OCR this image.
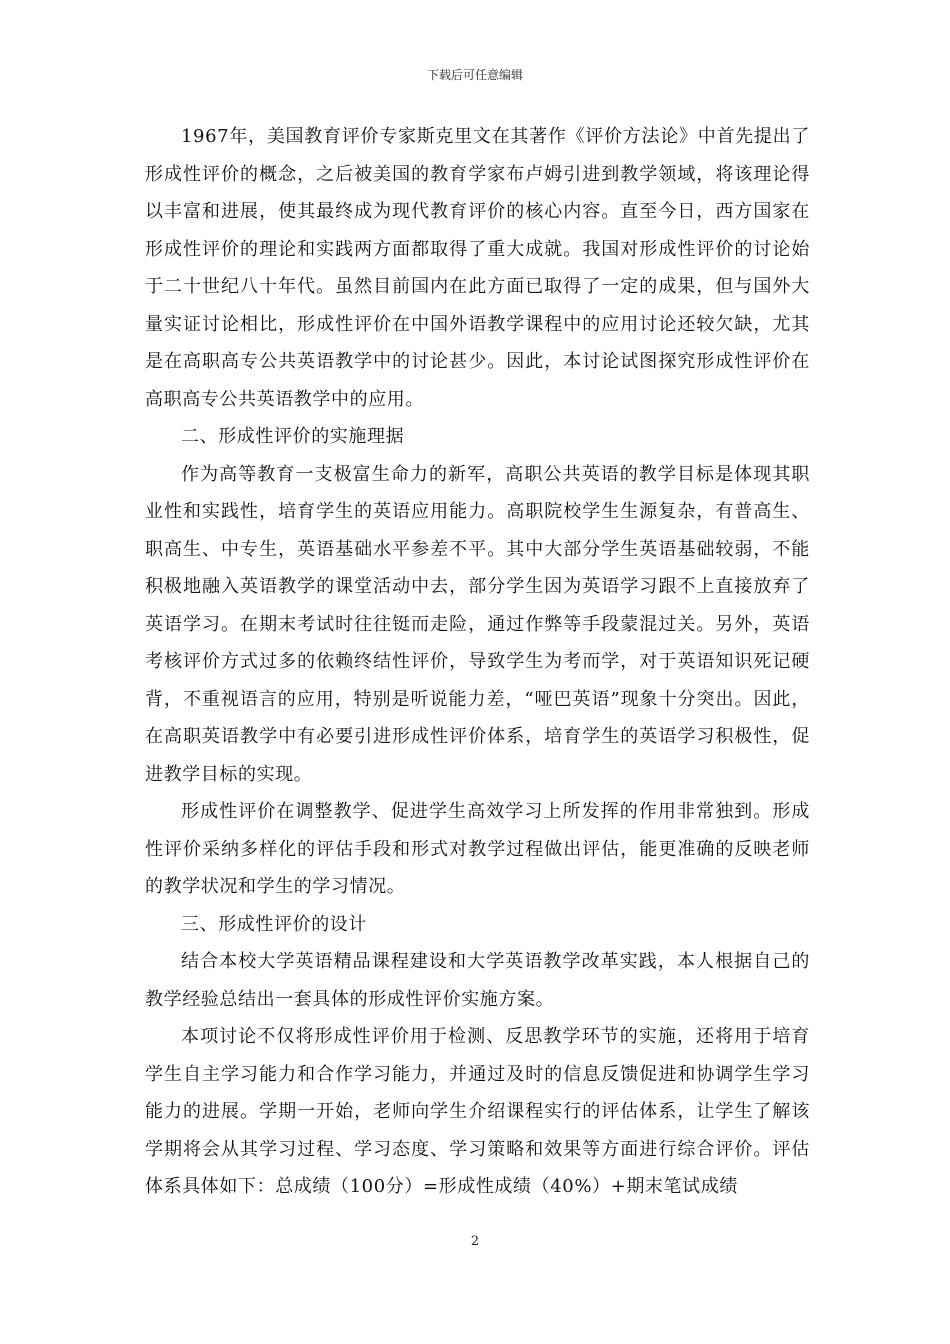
下载后可任意编辑

1967年，美国教育评价专家斯克里文在其著作《评价方法论》中首先提出了形成性评价的概念，之后被美国的教育学家布卢姆引进到教学领域，将该理论得以丰富和进展，使其最终成为现代教育评价的核心内容。直至今日，西方国家在形成性评价的理论和实践两方面都取得了重大成就。我国对形成性评价的讨论始于二十世纪八十年代。虽然目前国内在此方面已取得了一定的成果，但与国外大量实证讨论相比，形成性评价在中国外语教学课程中的应用讨论还较欠缺，尤其是在高职高专公共英语教学中的讨论甚少。因此，本讨论试图探究形成性评价在高职高专公共英语教学中的应用。

二、形成性评价的实施理据

作为高等教育一支极富生命力的新军，高职公共英语的教学目标是体现其职业性和实践性，培育学生的英语应用能力。高职院校学生生源复杂，有普高生、职高生、中专生，英语基础水平参差不平。其中大部分学生英语基础较弱，不能积极地融入英语教学的课堂活动中去，部分学生因为英语学习跟不上直接放弃了英语学习。在期末考试时往往铤而走险，通过作弊等手段蒙混过关。另外，英语考核评价方式过多的依赖终结性评价，导致学生为考而学，对于英语知识死记硬背，不重视语言的应用，特别是听说能力差，“哑巴英语”现象十分突出。因此，在高职英语教学中有必要引进形成性评价体系，培育学生的英语学习积极性，促进教学目标的实现。

形成性评价在调整教学、促进学生高效学习上所发挥的作用非常独到。形成性评价采纳多样化的评估手段和形式对教学过程做出评估，能更准确的反映老师的教学状况和学生的学习情况。

三、形成性评价的设计

结合本校大学英语精品课程建设和大学英语教学改革实践，本人根据自己的教学经验总结出一套具体的形成性评价实施方案。

本项讨论不仅将形成性评价用于检测、反思教学环节的实施，还将用于培育学生自主学习能力和合作学习能力，并通过及时的信息反馈促进和协调学生学习能力的进展。学期一开始，老师向学生介绍课程实行的评估体系，让学生了解该学期将会从其学习过程、学习态度、学习策略和效果等方面进行综合评价。评估体系具体如下：总成绩（100分）=形成性成绩（40%）+期末笔试成绩

2
